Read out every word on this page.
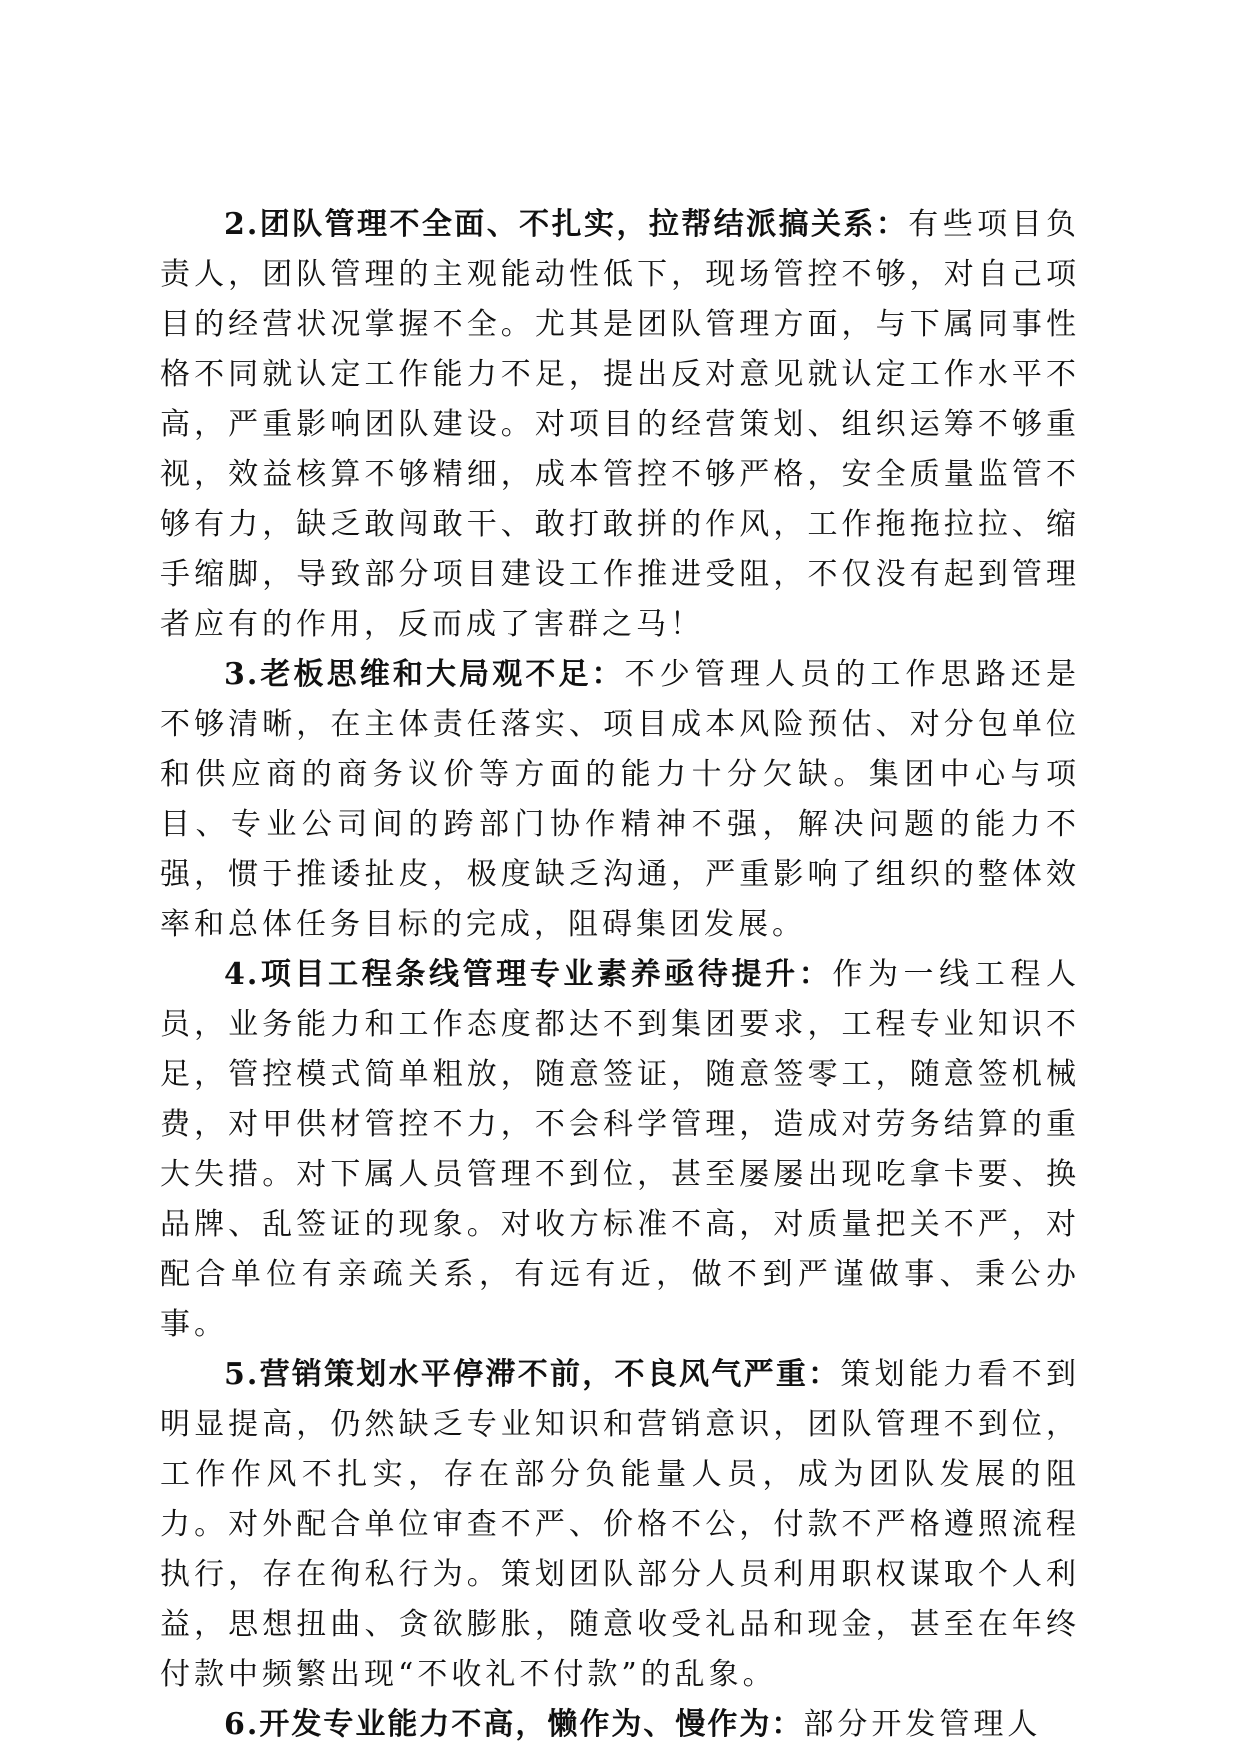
2.团队管理不全面、不扎实，拉帮结派搞关系：有些项目负责人，团队管理的主观能动性低下，现场管控不够，对自己项目的经营状况掌握不全。尤其是团队管理方面，与下属同事性格不同就认定工作能力不足，提出反对意见就认定工作水平不高，严重影响团队建设。对项目的经营策划、组织运筹不够重视，效益核算不够精细，成本管控不够严格，安全质量监管不够有力，缺乏敢闯敢干、敢打敢拼的作风，工作拖拖拉拉、缩手缩脚，导致部分项目建设工作推进受阻，不仅没有起到管理者应有的作用，反而成了害群之马！

3.老板思维和大局观不足：不少管理人员的工作思路还是不够清晰，在主体责任落实、项目成本风险预估、对分包单位和供应商的商务议价等方面的能力十分欠缺。集团中心与项目、专业公司间的跨部门协作精神不强，解决问题的能力不强，惯于推诿扯皮，极度缺乏沟通，严重影响了组织的整体效率和总体任务目标的完成，阻碍集团发展。

4.项目工程条线管理专业素养亟待提升：作为一线工程人员，业务能力和工作态度都达不到集团要求，工程专业知识不足，管控模式简单粗放，随意签证，随意签零工，随意签机械费，对甲供材管控不力，不会科学管理，造成对劳务结算的重大失措。对下属人员管理不到位，甚至屡屡出现吃拿卡要、换品牌、乱签证的现象。对收方标准不高，对质量把关不严，对配合单位有亲疏关系，有远有近，做不到严谨做事、秉公办事。

5.营销策划水平停滞不前，不良风气严重：策划能力看不到明显提高，仍然缺乏专业知识和营销意识，团队管理不到位，工作作风不扎实，存在部分负能量人员，成为团队发展的阻力。对外配合单位审查不严、价格不公，付款不严格遵照流程执行，存在徇私行为。策划团队部分人员利用职权谋取个人利益，思想扭曲、贪欲膨胀，随意收受礼品和现金，甚至在年终付款中频繁出现“不收礼不付款”的乱象。

6.开发专业能力不高，懒作为、慢作为：部分开发管理人
